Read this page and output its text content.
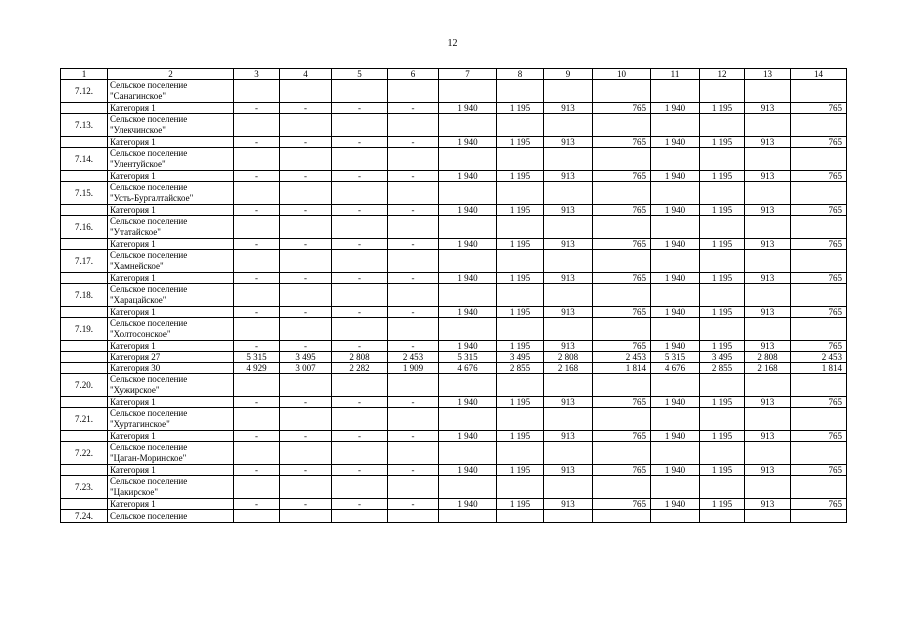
12
1	2	3	4	5	6	7	8	9	10	11	12	13	14
7.12.	Сельское поселение
"Санагинское"												

	Категория 1	-	-	-	-	1 940	1 195	913	765	1 940	1 195	913	765
7.13.	Сельское поселение
"Улекчинское"												

	Категория 1	-	-	-	-	1 940	1 195	913	765	1 940	1 195	913	765
7.14.	Сельское поселение
"Улентуйское"												

	Категория 1	-	-	-	-	1 940	1 195	913	765	1 940	1 195	913	765
7.15.	Сельское поселение
"Усть-Бургалтайское"												

	Категория 1	-	-	-	-	1 940	1 195	913	765	1 940	1 195	913	765
7.16.	Сельское поселение
"Утатайское"												

	Категория 1	-	-	-	-	1 940	1 195	913	765	1 940	1 195	913	765
7.17.	Сельское поселение
"Хамнейское"												

	Категория 1	-	-	-	-	1 940	1 195	913	765	1 940	1 195	913	765
7.18.	Сельское поселение
"Харацайское"												

	Категория 1	-	-	-	-	1 940	1 195	913	765	1 940	1 195	913	765
7.19.	Сельское поселение
"Холтосонское"												

	Категория 1	-	-	-	-	1 940	1 195	913	765	1 940	1 195	913	765
	Категория 27	5 315	3 495	2 808	2 453	5 315	3 495	2 808	2 453	5 315	3 495	2 808	2 453
	Категория 30	4 929	3 007	2 282	1 909	4 676	2 855	2 168	1 814	4 676	2 855	2 168	1 814
7.20.	Сельское поселение
"Хужирское"												

	Категория 1	-	-	-	-	1 940	1 195	913	765	1 940	1 195	913	765
7.21.	Сельское поселение
"Хуртагинское"												

	Категория 1	-	-	-	-	1 940	1 195	913	765	1 940	1 195	913	765
7.22.	Сельское поселение
"Цаган-Моринское"												

	Категория 1	-	-	-	-	1 940	1 195	913	765	1 940	1 195	913	765
7.23.	Сельское поселение
"Цакирское"												

	Категория 1	-	-	-	-	1 940	1 195	913	765	1 940	1 195	913	765
7.24.	Сельское поселение												
